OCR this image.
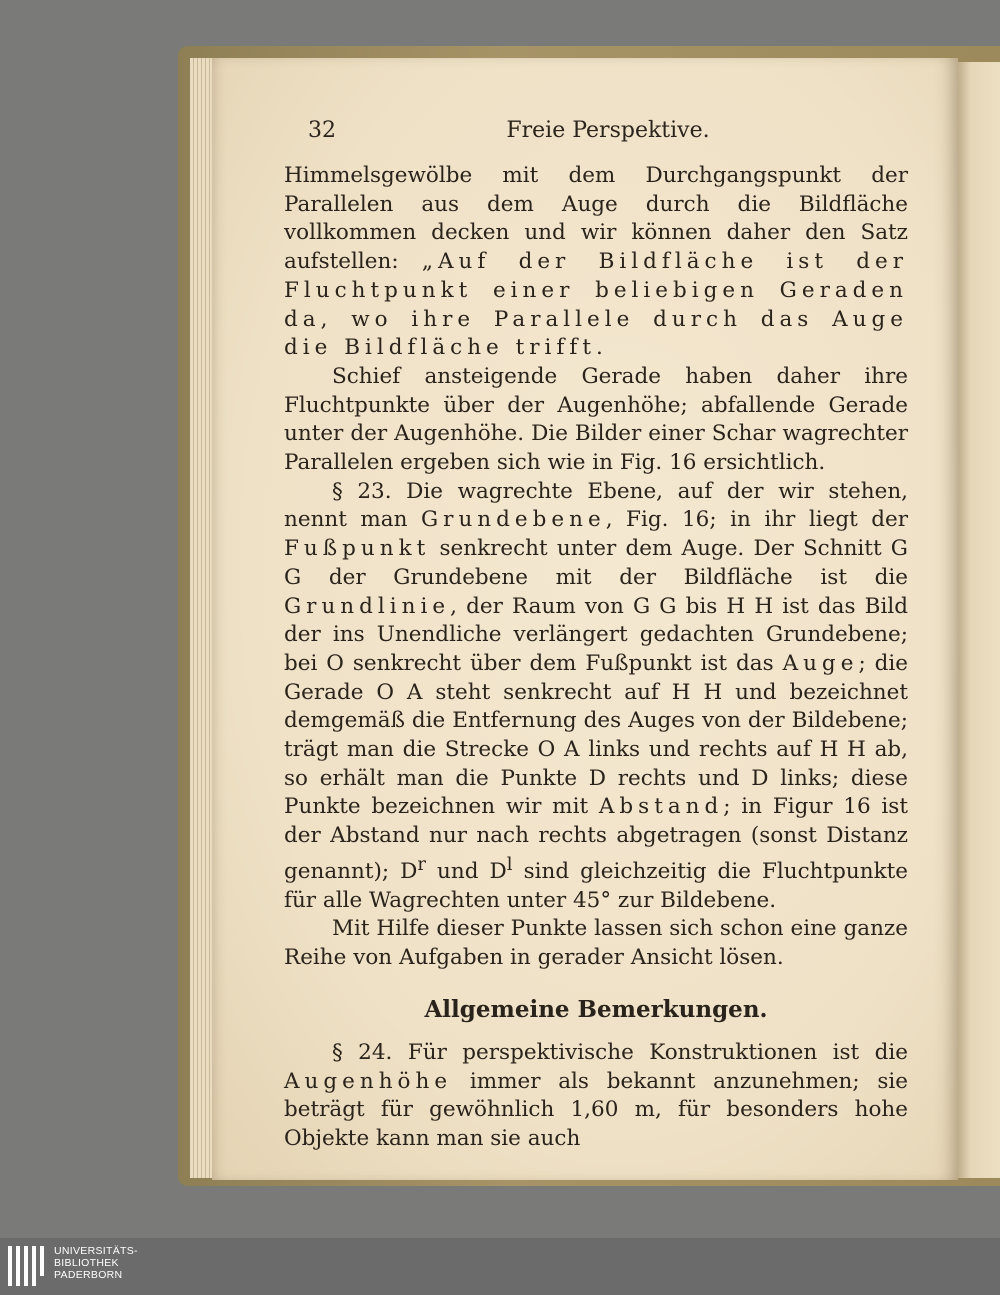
32	Freie Perspektive.

Himmelsgewölbe mit dem Durchgangspunkt der Parallelen aus dem Auge durch die Bildfläche vollkommen decken und wir können daher den Satz aufstellen: „Auf der Bildfläche ist der Fluchtpunkt einer beliebigen Geraden da, wo ihre Parallele durch das Auge die Bildfläche trifft.

Schief ansteigende Gerade haben daher ihre Fluchtpunkte über der Augenhöhe; abfallende Gerade unter der Augenhöhe. Die Bilder einer Schar wagrechter Parallelen ergeben sich wie in Fig. 16 ersichtlich.

§ 23. Die wagrechte Ebene, auf der wir stehen, nennt man Grundebene, Fig. 16; in ihr liegt der Fußpunkt senkrecht unter dem Auge. Der Schnitt G G der Grundebene mit der Bildfläche ist die Grundlinie, der Raum von G G bis H H ist das Bild der ins Unendliche verlängert gedachten Grundebene; bei O senkrecht über dem Fußpunkt ist das Auge; die Gerade O A steht senkrecht auf H H und bezeichnet demgemäß die Entfernung des Auges von der Bildebene; trägt man die Strecke O A links und rechts auf H H ab, so erhält man die Punkte D rechts und D links; diese Punkte bezeichnen wir mit Abstand; in Figur 16 ist der Abstand nur nach rechts abgetragen (sonst Distanz genannt); $D^r$ und $D^l$ sind gleichzeitig die Fluchtpunkte für alle Wagrechten unter 45° zur Bildebene.

Mit Hilfe dieser Punkte lassen sich schon eine ganze Reihe von Aufgaben in gerader Ansicht lösen.

Allgemeine Bemerkungen.

§ 24. Für perspektivische Konstruktionen ist die Augenhöhe immer als bekannt anzunehmen; sie beträgt für gewöhnlich 1,60 m, für besonders hohe Objekte kann man sie auch

UNIVERSITÄTS-
BIBLIOTHEK
PADERBORN
